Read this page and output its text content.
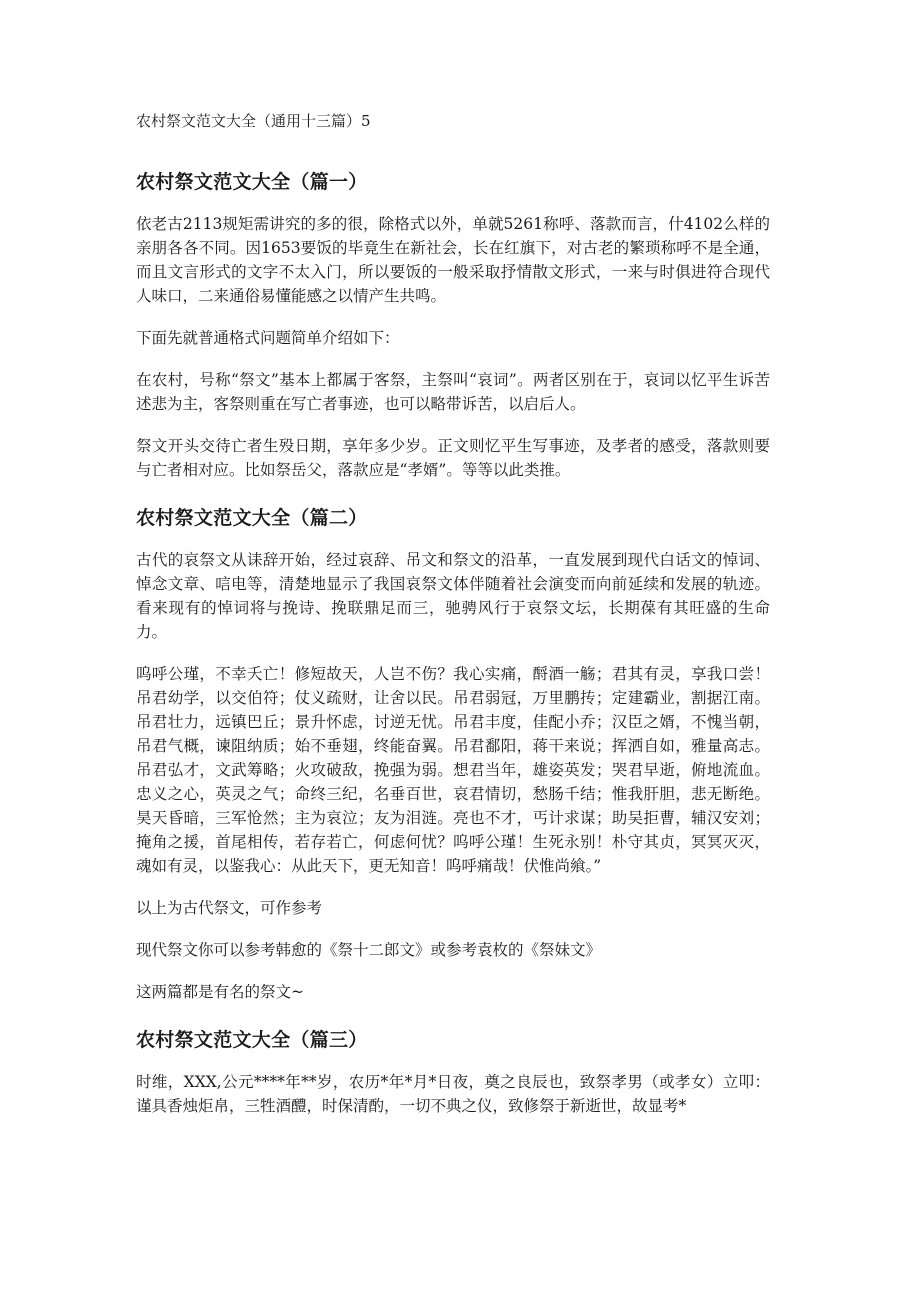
农村祭文范文大全（通用十三篇）5
农村祭文范文大全（篇一）

依老古2113规矩需讲究的多的很，除格式以外，单就5261称呼、落款而言，什4102么样的亲朋各各不同。因1653要饭的毕竟生在新社会，长在红旗下，对古老的繁琐称呼不是全通，而且文言形式的文字不太入门，所以要饭的一般采取抒情散文形式，一来与时俱进符合现代人味口，二来通俗易懂能感之以情产生共鸣。

下面先就普通格式问题简单介绍如下：

在农村，号称“祭文”基本上都属于客祭，主祭叫“哀词”。两者区别在于，哀词以忆平生诉苦述悲为主，客祭则重在写亡者事迹，也可以略带诉苦，以启后人。

祭文开头交待亡者生殁日期，享年多少岁。正文则忆平生写事迹，及孝者的感受，落款则要与亡者相对应。比如祭岳父，落款应是“孝婿”。等等以此类推。

农村祭文范文大全（篇二）

古代的哀祭文从诔辞开始，经过哀辞、吊文和祭文的沿革，一直发展到现代白话文的悼词、悼念文章、唁电等，清楚地显示了我国哀祭文体伴随着社会演变而向前延续和发展的轨迹。看来现有的悼词将与挽诗、挽联鼎足而三，驰骋风行于哀祭文坛，长期葆有其旺盛的生命力。

呜呼公瑾，不幸夭亡！修短故天，人岂不伤？我心实痛，酹酒一觞；君其有灵，享我口尝！吊君幼学，以交伯符；仗义疏财，让舍以民。吊君弱冠，万里鹏抟；定建霸业，割据江南。吊君壮力，远镇巴丘；景升怀虑，讨逆无忧。吊君丰度，佳配小乔；汉臣之婿，不愧当朝，吊君气概，谏阻纳质；始不垂翅，终能奋翼。吊君鄱阳，蒋干来说；挥洒自如，雅量高志。吊君弘才，文武筹略；火攻破敌，挽强为弱。想君当年，雄姿英发；哭君早逝，俯地流血。忠义之心，英灵之气；命终三纪，名垂百世，哀君情切，愁肠千结；惟我肝胆，悲无断绝。昊天昏暗，三军怆然；主为哀泣；友为泪涟。亮也不才，丐计求谋；助吴拒曹，辅汉安刘；掩角之援，首尾相传，若存若亡，何虑何忧？呜呼公瑾！生死永别！朴守其贞，冥冥灭灭，魂如有灵，以鉴我心：从此天下，更无知音！呜呼痛哉！伏惟尚飨。”

以上为古代祭文，可作参考

现代祭文你可以参考韩愈的《祭十二郎文》或参考袁枚的《祭妹文》

这两篇都是有名的祭文~

农村祭文范文大全（篇三）

时维，XXX,公元****年**岁，农历*年*月*日夜，奠之良辰也，致祭孝男（或孝女）立叩：谨具香烛炬帛，三牲酒醴，时保清酌，一切不典之仪，致修祭于新逝世，故显考*
